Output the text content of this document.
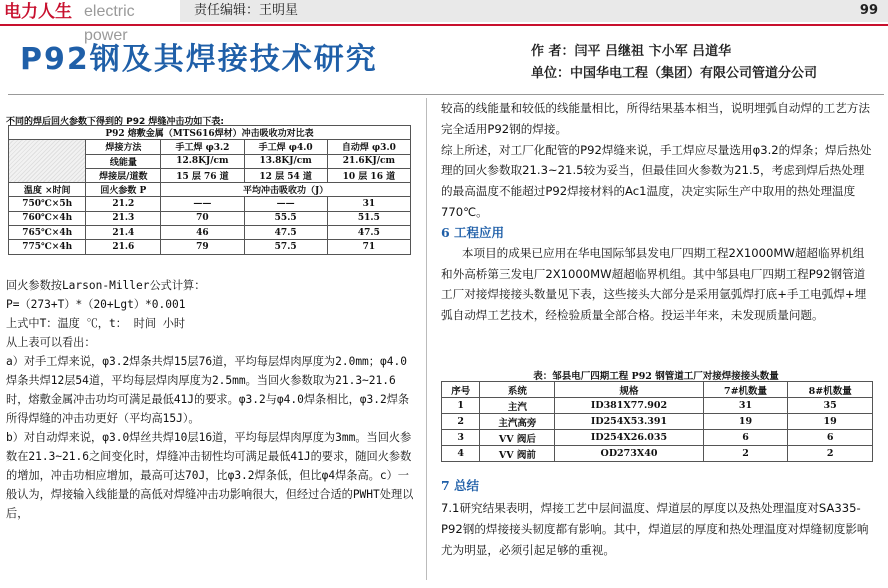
电力人生 electric power
责任编辑：王明星	99
P92钢及其焊接技术研究	作 者：闫平 吕继祖 卞小军 吕道华
单位：中国华电工程（集团）有限公司管道分公司
不同的焊后回火参数下得到的 P92 焊缝冲击功如下表:
P92 熔敷金属（MTS616焊材）冲击吸收功对比表				
	焊接方法	手工焊 φ3.2	手工焊 φ4.0	自动焊 φ3.0
	线能量	12.8KJ/cm	13.8KJ/cm	21.6KJ/cm
	焊接层/道数	15 层 76 道	12 层 54 道	10 层 16 道
温度 ×时间	回火参数 P	平均冲击吸收功（J）		
750℃×5h	21.2	——	——	31
760℃×4h	21.3	70	55.5	51.5
765℃×4h	21.4	46	47.5	47.5
775℃×4h	21.6	79	57.5	71

回火参数按Larson-Miller公式计算：

P=（273+T）*（20+Lgt）*0.001

上式中T：温度 ℃，t： 时间 小时

从上表可以看出：

a）对手工焊来说，φ3.2焊条共焊15层76道，平均每层焊肉厚度为2.0mm；φ4.0焊条共焊12层54道，平均每层焊肉厚度为2.5mm。当回火参数取为21.3~21.6时，熔敷金属冲击功均可满足最低41J的要求。φ3.2与φ4.0焊条相比，φ3.2焊条所得焊缝的冲击功更好（平均高15J）。

b）对自动焊来说，φ3.0焊丝共焊10层16道，平均每层焊肉厚度为3mm。当回火参数在21.3~21.6之间变化时，焊缝冲击韧性均可满足最低41J的要求，随回火参数的增加，冲击功相应增加，最高可达70J，比φ3.2焊条低，但比φ4焊条高。c）一般认为，焊接输入线能量的高低对焊缝冲击功影响很大，但经过合适的PWHT处理以后，

较高的线能量和较低的线能量相比，所得结果基本相当，说明埋弧自动焊的工艺方法完全适用P92钢的焊接。

综上所述，对工厂化配管的P92焊缝来说，手工焊应尽量选用φ3.2的焊条；焊后热处理的回火参数取21.3~21.5较为妥当，但最佳回火参数为21.5，考虑到焊后热处理的最高温度不能超过P92焊接材料的Ac1温度，决定实际生产中取用的热处理温度770℃。

6 工程应用

本项目的成果已应用在华电国际邹县发电厂四期工程2X1000MW超超临界机组和外高桥第三发电厂2X1000MW超超临界机组。其中邹县电厂四期工程P92钢管道工厂对接焊接接头数量见下表，这些接头大部分是采用氩弧焊打底+手工电弧焊+埋弧自动焊工艺技术，经检验质量全部合格。投运半年来，未发现质量问题。

表：邹县电厂四期工程 P92 钢管道工厂对接焊接接头数量
序号	系统	规格	7#机数量	8#机数量
1	主汽	ID381X77.902	31	35
2	主汽高旁	ID254X53.391	19	19
3	VV 阀后	ID254X26.035	6	6
4	VV 阀前	OD273X40	2	2
7 总结

7.1研究结果表明，焊接工艺中层间温度、焊道层的厚度以及热处理温度对SA335-P92钢的焊接接头韧度都有影响。其中，焊道层的厚度和热处理温度对焊缝韧度影响尤为明显，必须引起足够的重视。
